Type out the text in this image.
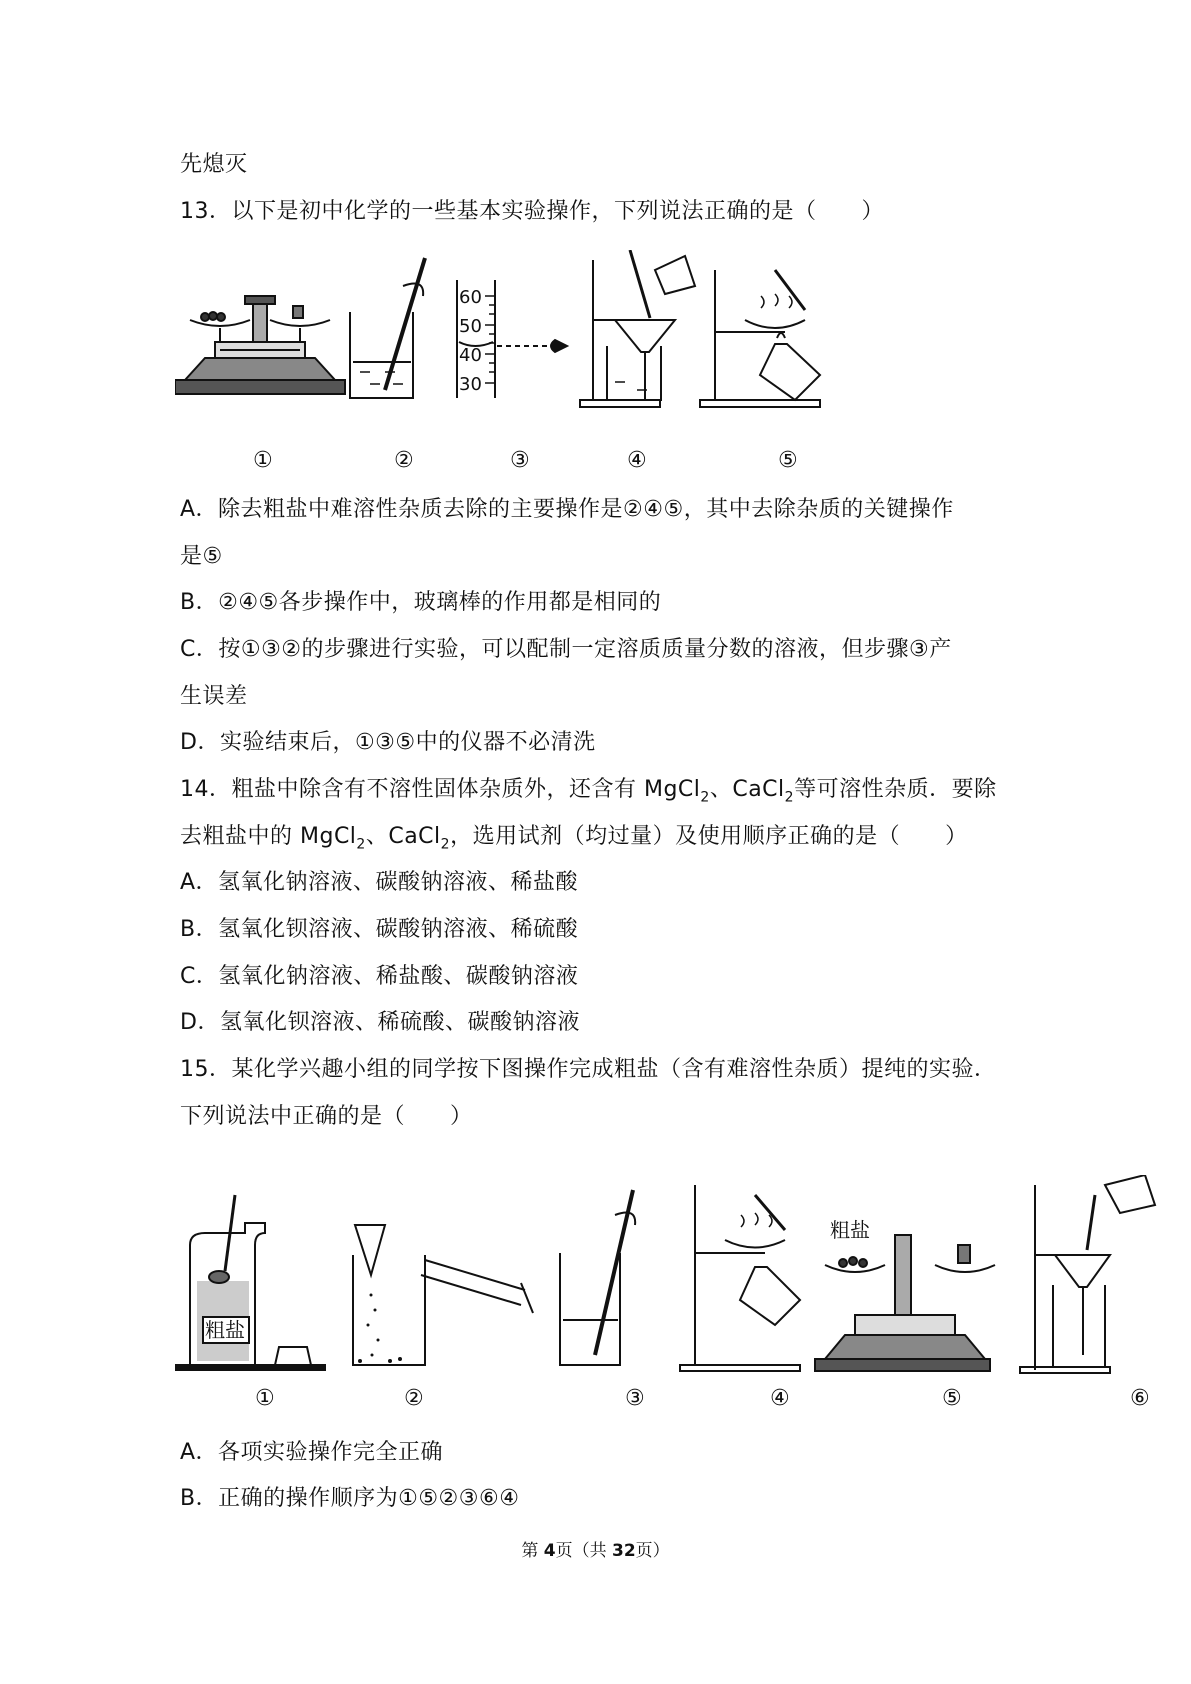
先熄灭
13．以下是初中化学的一些基本实验操作，下列说法正确的是（　　）
60
50
40
30
①	②	③	④	⑤
A．除去粗盐中难溶性杂质去除的主要操作是②④⑤，其中去除杂质的关键操作
是⑤
B．②④⑤各步操作中，玻璃棒的作用都是相同的
C．按①③②的步骤进行实验，可以配制一定溶质质量分数的溶液，但步骤③产
生误差
D．实验结束后，①③⑤中的仪器不必清洗
14．粗盐中除含有不溶性固体杂质外，还含有 MgCl$_2$、CaCl$_2$等可溶性杂质．要除
去粗盐中的 MgCl$_2$、CaCl$_2$，选用试剂（均过量）及使用顺序正确的是（　　）
A．氢氧化钠溶液、碳酸钠溶液、稀盐酸
B．氢氧化钡溶液、碳酸钠溶液、稀硫酸
C．氢氧化钠溶液、稀盐酸、碳酸钠溶液
D．氢氧化钡溶液、稀硫酸、碳酸钠溶液
15．某化学兴趣小组的同学按下图操作完成粗盐（含有难溶性杂质）提纯的实验．
下列说法中正确的是（　　）
粗盐
粗盐
①	②	③	④	⑤	⑥
A．各项实验操作完全正确
B．正确的操作顺序为①⑤②③⑥④
第 4页（共 32页）
